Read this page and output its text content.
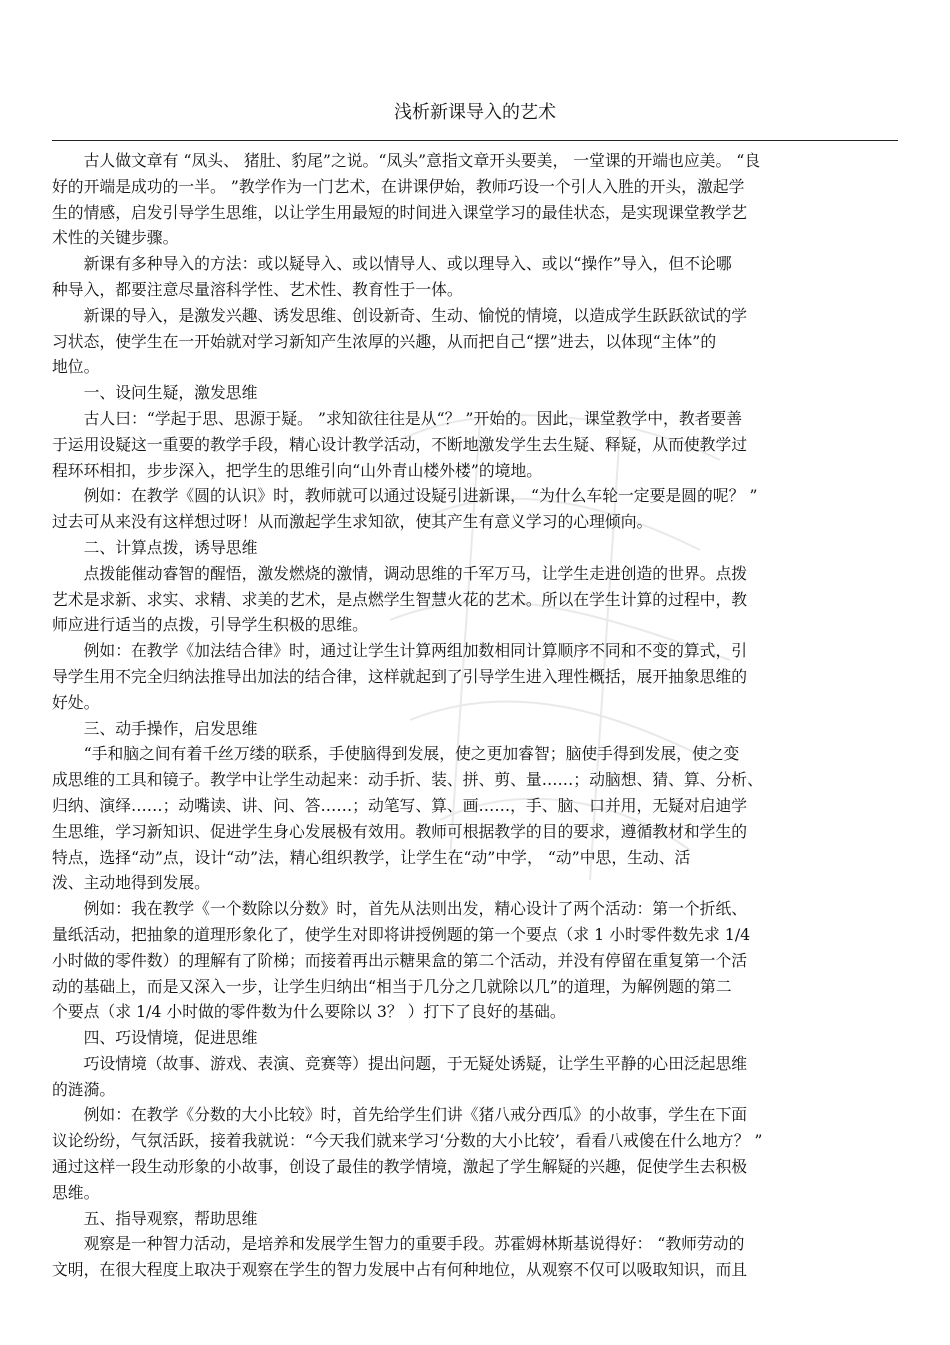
浅析新课导入的艺术
古人做文章有 “凤头、 猪肚、豹尾”之说。“凤头”意指文章开头要美， 一堂课的开端也应美。 “良
好的开端是成功的一半。 ”教学作为一门艺术，在讲课伊始，教师巧设一个引人入胜的开头，激起学
生的情感，启发引导学生思维，以让学生用最短的时间进入课堂学习的最佳状态，是实现课堂教学艺
术性的关键步骤。
新课有多种导入的方法：或以疑导入、或以情导人、或以理导入、或以“操作”导入，但不论哪
种导入，都要注意尽量溶科学性、艺术性、教育性于一体。
新课的导入，是激发兴趣、诱发思维、创设新奇、生动、愉悦的情境，以造成学生跃跃欲试的学
习状态，使学生在一开始就对学习新知产生浓厚的兴趣，从而把自己“摆”进去，以体现“主体”的
地位。
一、设问生疑，激发思维
古人曰：“学起于思、思源于疑。 ”求知欲往往是从“？ ”开始的。因此，课堂教学中，教者要善
于运用设疑这一重要的教学手段，精心设计教学活动，不断地激发学生去生疑、释疑，从而使教学过
程环环相扣，步步深入，把学生的思维引向“山外青山楼外楼”的境地。
例如：在教学《圆的认识》时，教师就可以通过设疑引进新课， “为什么车轮一定要是圆的呢？ ”
过去可从来没有这样想过呀！从而激起学生求知欲，使其产生有意义学习的心理倾向。
二、计算点拨，诱导思维
点拨能催动睿智的醒悟，激发燃烧的激情，调动思维的千军万马，让学生走进创造的世界。点拨
艺术是求新、求实、求精、求美的艺术，是点燃学生智慧火花的艺术。所以在学生计算的过程中，教
师应进行适当的点拨，引导学生积极的思维。
例如：在教学《加法结合律》时，通过让学生计算两组加数相同计算顺序不同和不变的算式，引
导学生用不完全归纳法推导出加法的结合律，这样就起到了引导学生进入理性概括，展开抽象思维的
好处。
三、动手操作，启发思维
“手和脑之间有着千丝万缕的联系，手使脑得到发展，使之更加睿智；脑使手得到发展，使之变
成思维的工具和镜子。教学中让学生动起来：动手折、装、拼、剪、量……；动脑想、猜、算、分析、
归纳、演绎……；动嘴读、讲、问、答……；动笔写、算、画……，手、脑、口并用，无疑对启迪学
生思维，学习新知识、促进学生身心发展极有效用。教师可根据教学的目的要求，遵循教材和学生的
特点，选择“动”点，设计“动”法，精心组织教学，让学生在“动”中学， “动”中思，生动、活
泼、主动地得到发展。
例如：我在教学《一个数除以分数》时，首先从法则出发，精心设计了两个活动：第一个折纸、
量纸活动，把抽象的道理形象化了，使学生对即将讲授例题的第一个要点（求 1 小时零件数先求 1/4
小时做的零件数）的理解有了阶梯；而接着再出示糖果盒的第二个活动，并没有停留在重复第一个活
动的基础上，而是又深入一步，让学生归纳出“相当于几分之几就除以几”的道理，为解例题的第二
个要点（求 1/4 小时做的零件数为什么要除以 3？ ）打下了良好的基础。
四、巧设情境，促进思维
巧设情境（故事、游戏、表演、竞赛等）提出问题，于无疑处诱疑，让学生平静的心田泛起思维
的涟漪。
例如：在教学《分数的大小比较》时，首先给学生们讲《猪八戒分西瓜》的小故事，学生在下面
议论纷纷，气氛活跃，接着我就说：“今天我们就来学习‘分数的大小比较’，看看八戒傻在什么地方？ ”
通过这样一段生动形象的小故事，创设了最佳的教学情境，激起了学生解疑的兴趣，促使学生去积极
思维。
五、指导观察，帮助思维
观察是一种智力活动，是培养和发展学生智力的重要手段。苏霍姆林斯基说得好： “教师劳动的
文明，在很大程度上取决于观察在学生的智力发展中占有何种地位，从观察不仅可以吸取知识，而且
